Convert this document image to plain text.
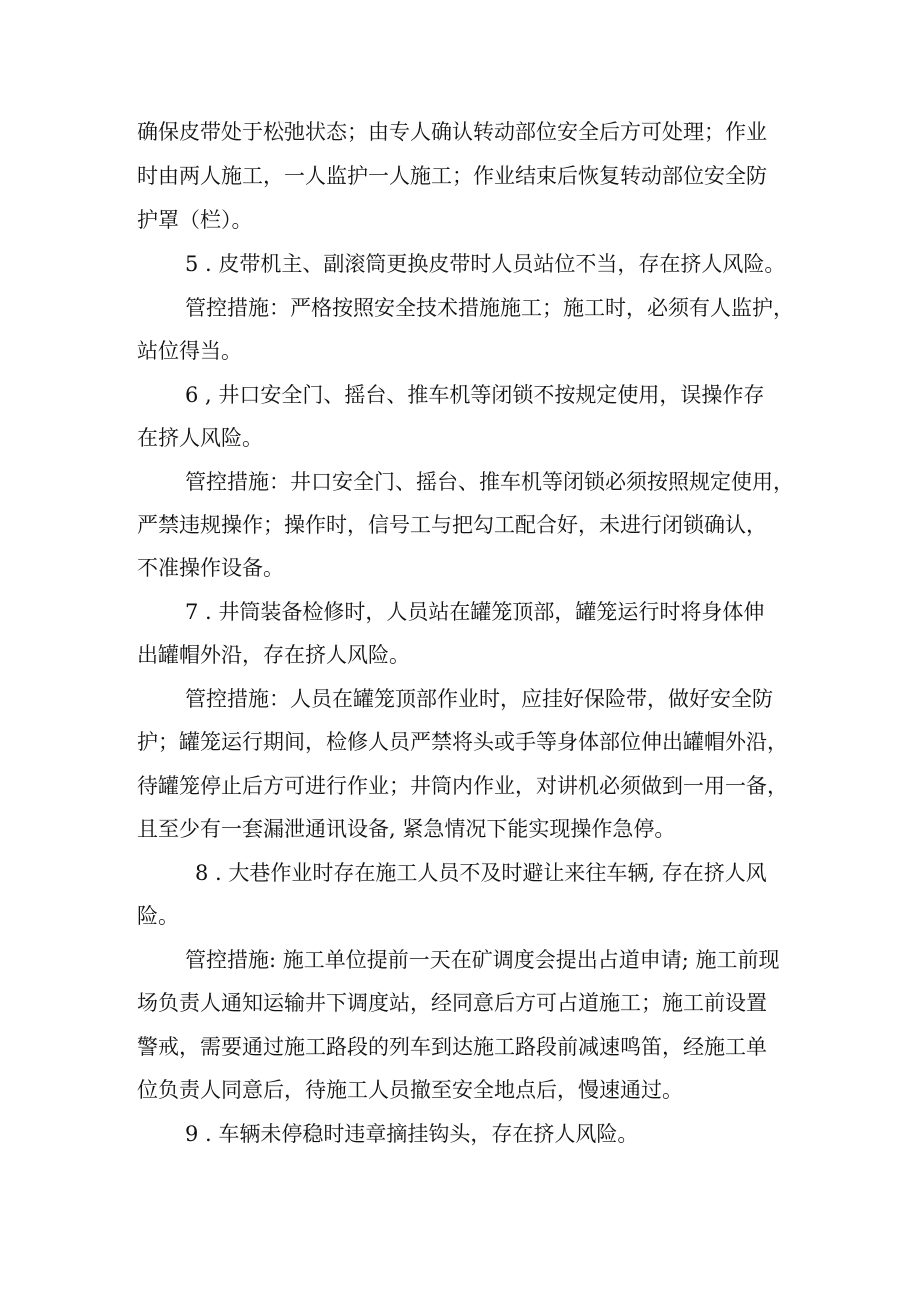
确保皮带处于松弛状态；由专人确认转动部位安全后方可处理；作业
时由两人施工，一人监护一人施工；作业结束后恢复转动部位安全防
护罩（栏）。
5 . 皮带机主、副滚筒更换皮带时人员站位不当，存在挤人风险。
管控措施：严格按照安全技术措施施工；施工时，必须有人监护，
站位得当。
6 , 井口安全门、摇台、推车机等闭锁不按规定使用，误操作存
在挤人风险。
管控措施：井口安全门、摇台、推车机等闭锁必须按照规定使用，
严禁违规操作；操作时，信号工与把勾工配合好，未进行闭锁确认，
不准操作设备。
7 . 井筒装备检修时，人员站在罐笼顶部，罐笼运行时将身体伸
出罐帽外沿，存在挤人风险。
管控措施：人员在罐笼顶部作业时，应挂好保险带，做好安全防
护；罐笼运行期间，检修人员严禁将头或手等身体部位伸出罐帽外沿，
待罐笼停止后方可进行作业；井筒内作业，对讲机必须做到一用一备，
且至少有一套漏泄通讯设备, 紧急情况下能实现操作急停。
8 . 大巷作业时存在施工人员不及时避让来往车辆, 存在挤人风
险。
管控措施: 施工单位提前一天在矿调度会提出占道申请; 施工前现
场负责人通知运输井下调度站，经同意后方可占道施工；施工前设置
警戒，需要通过施工路段的列车到达施工路段前减速鸣笛，经施工单
位负责人同意后，待施工人员撤至安全地点后，慢速通过。
9 . 车辆未停稳时违章摘挂钩头，存在挤人风险。
